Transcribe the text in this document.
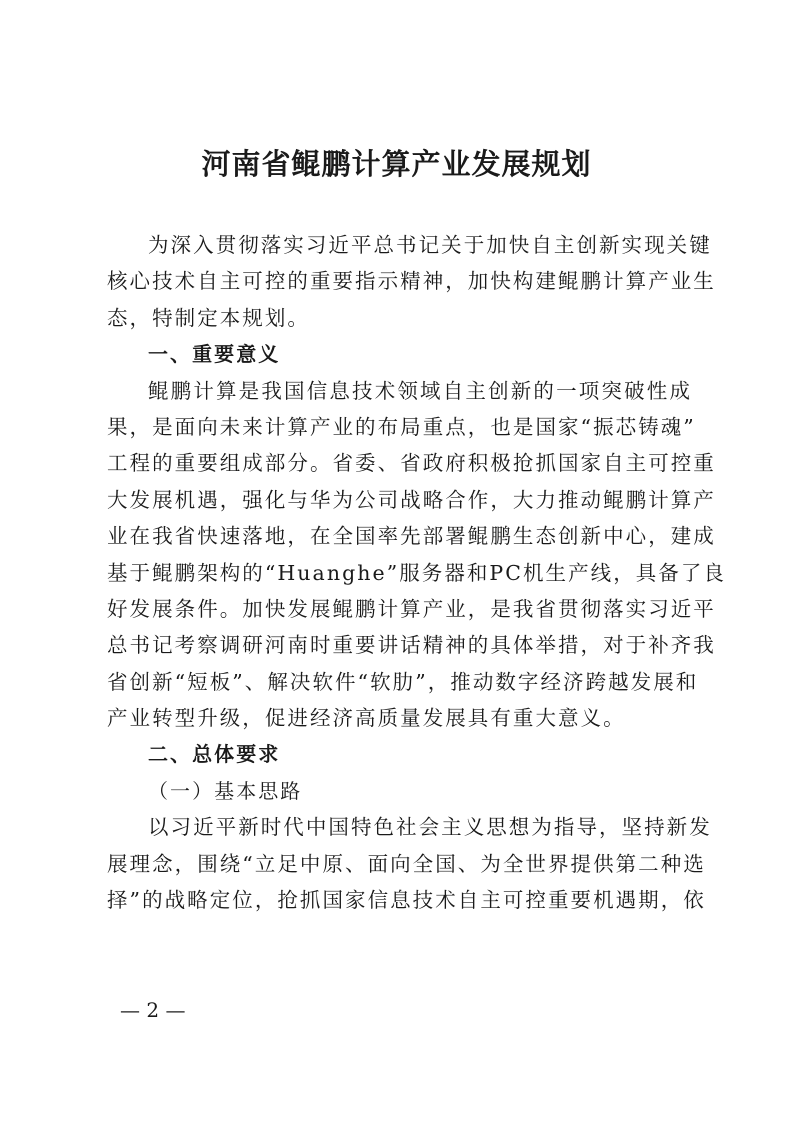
河南省鲲鹏计算产业发展规划
为深入贯彻落实习近平总书记关于加快自主创新实现关键
核心技术自主可控的重要指示精神，加快构建鲲鹏计算产业生
态，特制定本规划。
一、重要意义
鲲鹏计算是我国信息技术领域自主创新的一项突破性成
果，是面向未来计算产业的布局重点，也是国家“振芯铸魂”
工程的重要组成部分。省委、省政府积极抢抓国家自主可控重
大发展机遇，强化与华为公司战略合作，大力推动鲲鹏计算产
业在我省快速落地，在全国率先部署鲲鹏生态创新中心，建成
基于鲲鹏架构的“Huanghe”服务器和PC机生产线，具备了良
好发展条件。加快发展鲲鹏计算产业，是我省贯彻落实习近平
总书记考察调研河南时重要讲话精神的具体举措，对于补齐我
省创新“短板”、解决软件“软肋”，推动数字经济跨越发展和
产业转型升级，促进经济高质量发展具有重大意义。
二、总体要求
（一）基本思路
以习近平新时代中国特色社会主义思想为指导，坚持新发
展理念，围绕“立足中原、面向全国、为全世界提供第二种选
择”的战略定位，抢抓国家信息技术自主可控重要机遇期，依
— 2 —
